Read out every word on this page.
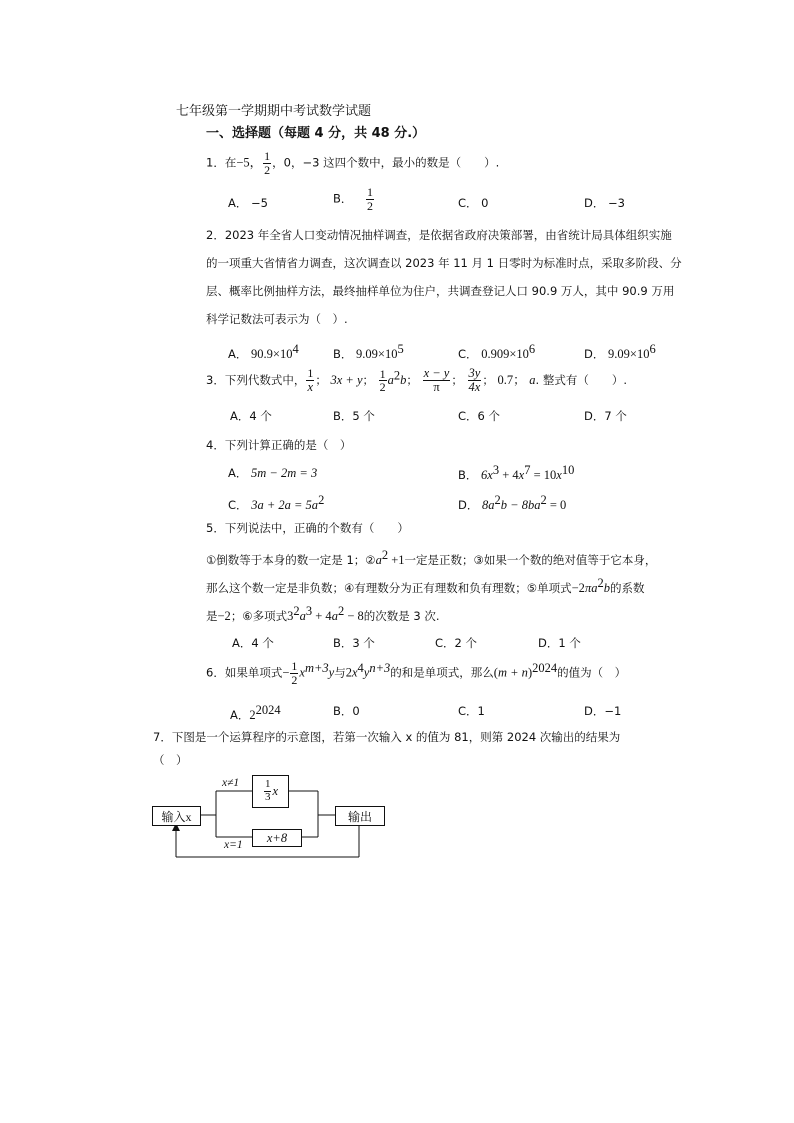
七年级第一学期期中考试数学试题
一、选择题（每题 4 分，共 48 分.）
1．在−5， $\frac{1}{2}$ ，0，−3 这四个数中，最小的数是（　　）.
A． −5	B． $\frac{1}{2}$	C． 0	D． −3
2．2023 年全省人口变动情况抽样调查，是依据省政府决策部署，由省统计局具体组织实施
的一项重大省情省力调查，这次调查以 2023 年 11 月 1 日零时为标准时点，采取多阶段、分
层、概率比例抽样方法，最终抽样单位为住户，共调查登记人口 90.9 万人，其中 90.9 万用
科学记数法可表示为（　）.
A． $90.9\times 10^4$	B． $9.09\times 10^5$	C． $0.909\times 10^6$	D． $9.09\times 10^6$
3．下列代数式中， $\frac{1}{x}$ ； 3x + y； $\frac{1}{2} a^2b$； $\frac{x - y}{\pi}$ ； $\frac{3y}{4x}$ ； 0.7； a. 整式有（　　）.
A．4 个	B．5 个	C．6 个	D．7 个
4．下列计算正确的是（　）
A． 5m − 2m = 3	B． $6x^3 + 4x^7 = 10x^{10}$
C． $3a + 2a = 5a^2$	D． $8a^2b - 8ba^2 = 0$
5．下列说法中，正确的个数有（　　）
①倒数等于本身的数一定是 1；$②a^2 +1$一定是正数；③如果一个数的绝对值等于它本身，
那么这个数一定是非负数；④有理数分为正有理数和负有理数；⑤单项式$-2\pi a^2b$的系数
是−2；⑥多项式$3^2a^3 + 4a^2 - 8$的次数是 3 次.
A．4 个	B．3 个	C．2 个	D．1 个
6．如果单项式− $\frac{1}{2} x^{m+3}y$与$2x^4y^{n+3}$的和是单项式，那么$(m + n)^{2024}$的值为（　）
A．$2^{2024}$	B．0	C．1	D．−1
7．下图是一个运算程序的示意图，若第一次输入 x 的值为 81，则第 2024 次输出的结果为
（　）
输入x
$\frac{1}{3}$ x
x+8
输出
x≠1
x=1
